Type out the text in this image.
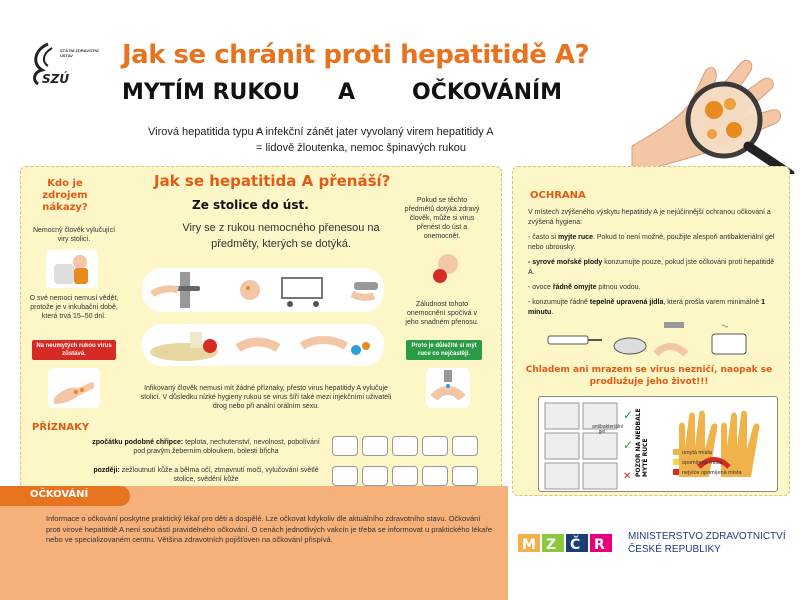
STÁTNÍ ZDRAVOTNÍ ÚSTAV
SZÚ
Jak se chránit proti hepatitidě A?
MYTÍM RUKOU A	OČKOVÁNÍM
Virová hepatitida typu A= infekční zánět jater vyvolaný virem hepatitidy A
= lidově žloutenka, nemoc špinavých rukou
Kdo je zdrojem nákazy?
Nemocný člověk vylučující viry stolicí.
O své nemoci nemusí vědět, protože je v inkubační době, která trvá 15–50 dní.
Na neumytých rukou virus zůstává.
Jak se hepatitida A přenáší?
Ze stolice do úst.
Viry se z rukou nemocného přenesou na předměty, kterých se dotýká.
Pokud se těchto předmětů dotýká zdravý člověk, může si virus přenést do úst a onemocnět.
Záludnost tohoto onemocnění spočívá v jeho snadném přenosu.
Proto je důležité si mýt ruce co nejčastěji.
Infikovaný člověk nemusí mít žádné příznaky, přesto virus hepatitidy A vylučuje stolicí. V důsledku nízké hygieny rukou se virus šíří také mezi injekčními uživateli drog nebo při anální orálním sexu.
PŘÍZNAKY
zpočátku podobné chřipce: teplota, nechutenství, nevolnost, pobolívání pod pravým žeberním obloukem, bolesti břicha
později: zežloutnutí kůže a bělma očí, ztmavnutí moči, vylučování světlé stolice, svědění kůže
OCHRANA

V místech zvýšeného výskytu hepatitidy A je nejúčinnější ochranou očkování a zvýšená hygiena:

- často si myjte ruce. Pokud to není možné, použijte alespoň antibakteriální gel nebo ubrousky.

- syrové mořské plody konzumujte pouze, pokud jste očkováni proti hepatitidě A.

- ovoce řádně omyjte pitnou vodou.

- konzumujte řádně tepelně upravená jídla, která prošla varem minimálně 1 minutu.

Chladem ani mrazem se virus nezničí, naopak se prodlužuje jeho život!!!
✓
✓
✕
antibakteriální gel	POZOR NA NEDBALE MYTÉ RUCE	umytá místa
opomíjená místa
nejvíce opomíjená místa
OČKOVÁNÍ
Informace o očkování poskytne praktický lékař pro děti a dospělé. Lze očkovat kdykoliv dle aktuálního zdravotního stavu. Očkování proti virové hepatitidě A není součástí pravidelného očkování. O cenách jednotlivých vakcín je třeba se informovat u praktického lékaře nebo ve specializovaném centru. Většina zdravotních pojišťoven na očkování přispívá.	M Z Č R
MINISTERSTVO ZDRAVOTNICTVÍ
ČESKÉ REPUBLIKY
